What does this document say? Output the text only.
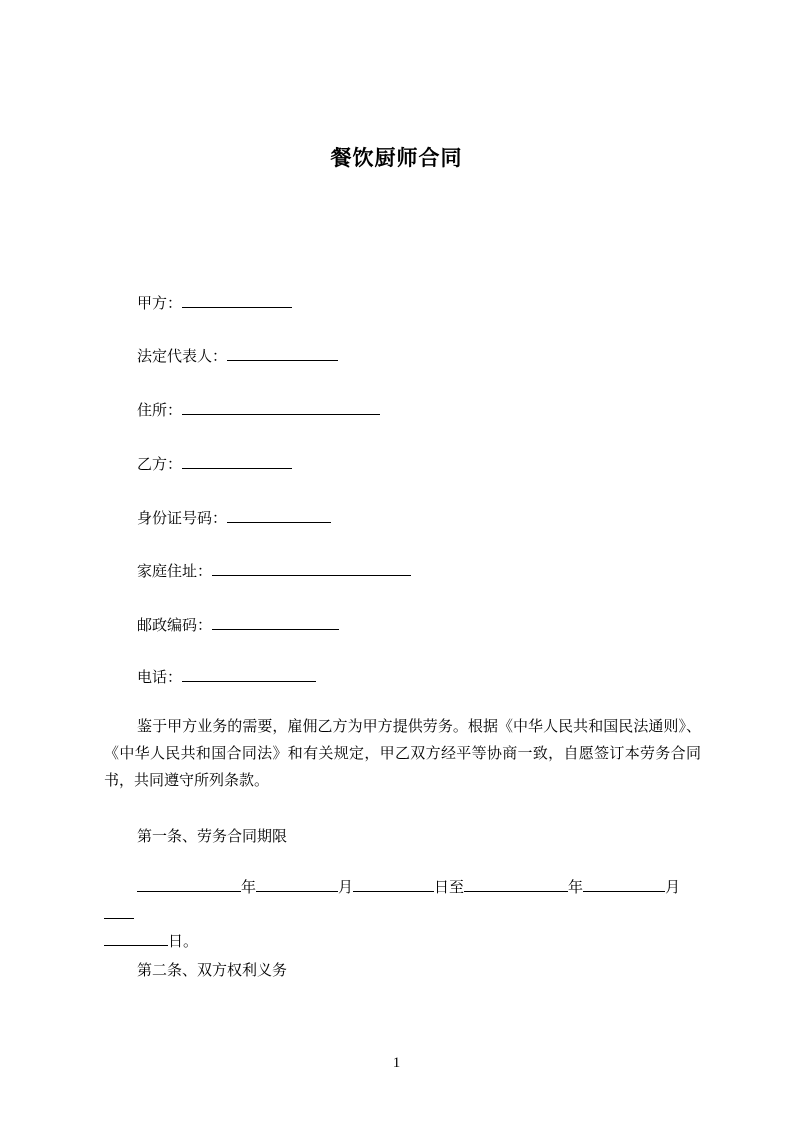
餐饮厨师合同
甲方：
法定代表人：
住所：
乙方：
身份证号码：
家庭住址：
邮政编码：
电话：
鉴于甲方业务的需要，雇佣乙方为甲方提供劳务。根据《中华人民共和国民法通则》、《中华人民共和国合同法》和有关规定，甲乙双方经平等协商一致，自愿签订本劳务合同书，共同遵守所列条款。
第一条、劳务合同期限
年	月	日至	年	月
日。
第二条、双方权利义务
1
